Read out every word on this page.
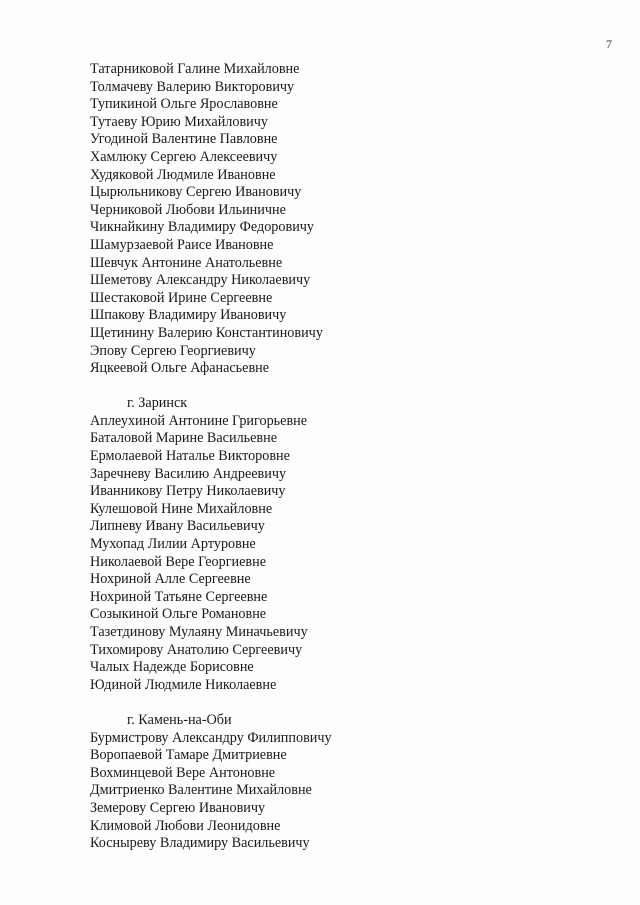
7
Татарниковой Галине Михайловне
Толмачеву Валерию Викторовичу
Тупикиной Ольге Ярославовне
Тутаеву Юрию Михайловичу
Угодиной Валентине Павловне
Хамлюку Сергею Алексеевичу
Худяковой Людмиле Ивановне
Цырюльникову Сергею Ивановичу
Черниковой Любови Ильиничне
Чикнайкину Владимиру Федоровичу
Шамурзаевой Раисе Ивановне
Шевчук Антонине Анатольевне
Шеметову Александру Николаевичу
Шестаковой Ирине Сергеевне
Шпакову Владимиру Ивановичу
Щетинину Валерию Константиновичу
Эпову Сергею Георгиевичу
Яцкеевой Ольге Афанасьевне
г. Заринск
Аплеухиной Антонине Григорьевне
Баталовой Марине Васильевне
Ермолаевой Наталье Викторовне
Заречневу Василию Андреевичу
Иванникову Петру Николаевичу
Кулешовой Нине Михайловне
Липневу Ивану Васильевичу
Мухопад Лилии Артуровне
Николаевой Вере Георгиевне
Нохриной Алле Сергеевне
Нохриной Татьяне Сергеевне
Созыкиной Ольге Романовне
Тазетдинову Мулаяну Миначьевичу
Тихомирову Анатолию Сергеевичу
Чалых Надежде Борисовне
Юдиной Людмиле Николаевне
г. Камень-на-Оби
Бурмистрову Александру Филипповичу
Воропаевой Тамаре Дмитриевне
Вохминцевой Вере Антоновне
Дмитриенко Валентине Михайловне
Земерову Сергею Ивановичу
Климовой Любови Леонидовне
Косныреву Владимиру Васильевичу
